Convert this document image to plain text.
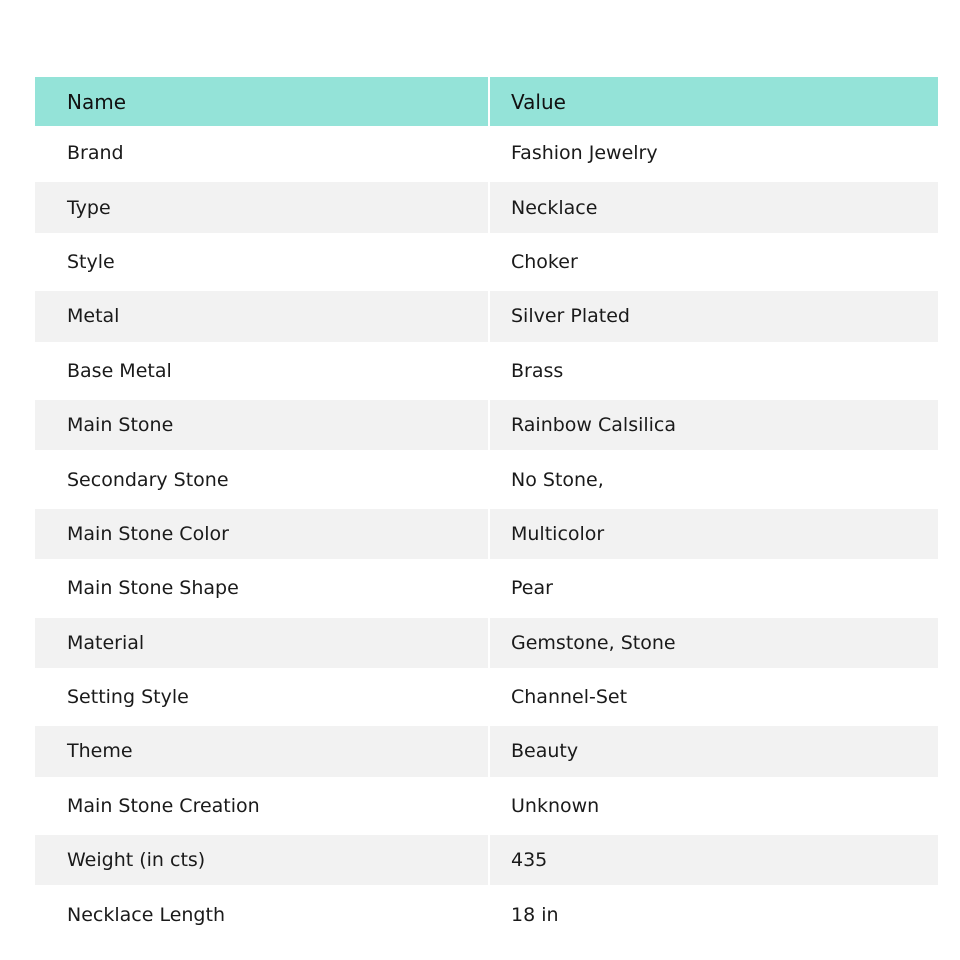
Name	Value
Brand	Fashion Jewelry
Type	Necklace
Style	Choker
Metal	Silver Plated
Base Metal	Brass
Main Stone	Rainbow Calsilica
Secondary Stone	No Stone,
Main Stone Color	Multicolor
Main Stone Shape	Pear
Material	Gemstone, Stone
Setting Style	Channel-Set
Theme	Beauty
Main Stone Creation	Unknown
Weight (in cts)	435
Necklace Length	18 in
